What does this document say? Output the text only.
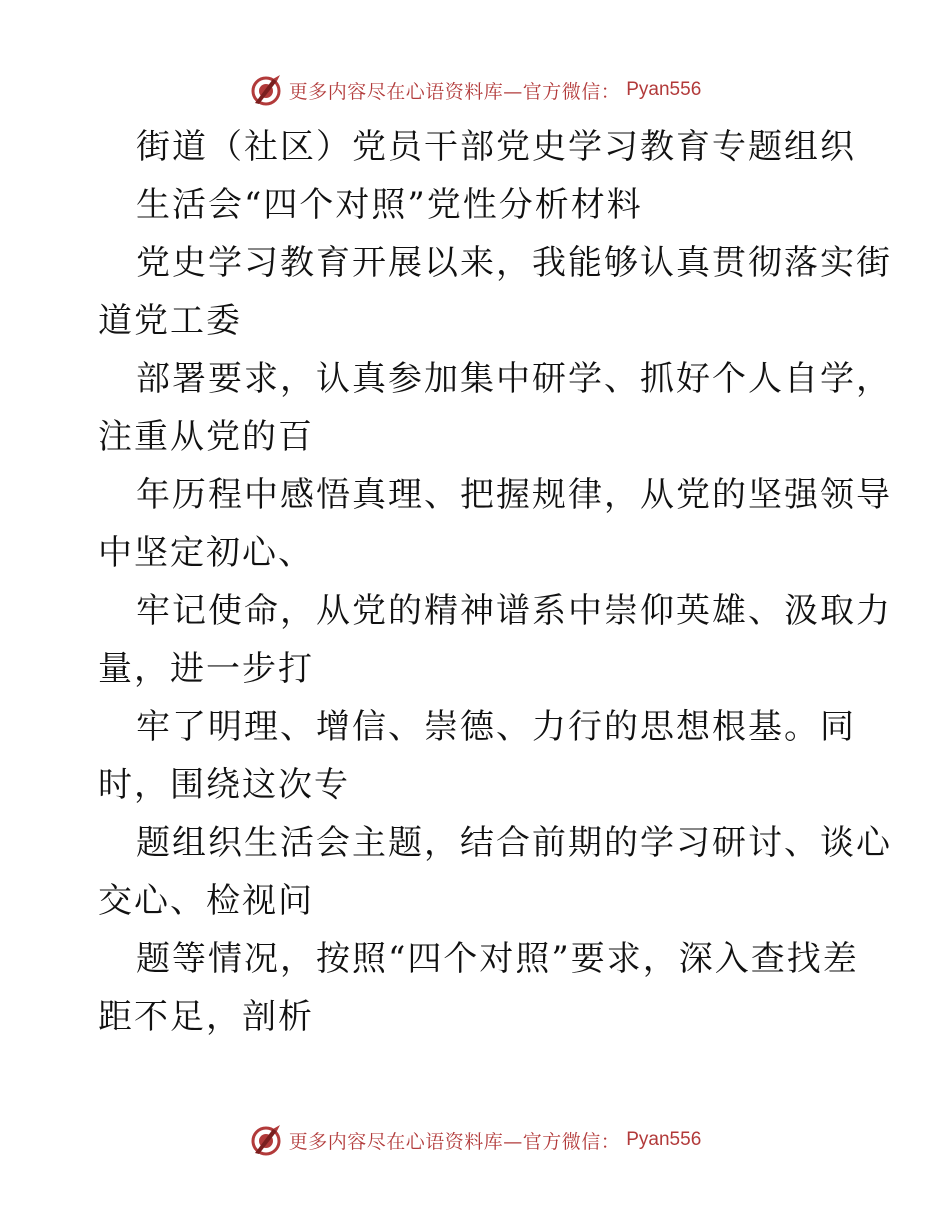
更多内容尽在心语资料库—官方微信： Pyan556
街道（社区）党员干部党史学习教育专题组织
生活会“四个对照”党性分析材料
党史学习教育开展以来，我能够认真贯彻落实街
道党工委
部署要求，认真参加集中研学、抓好个人自学，
注重从党的百
年历程中感悟真理、把握规律，从党的坚强领导
中坚定初心、
牢记使命，从党的精神谱系中崇仰英雄、汲取力
量，进一步打
牢了明理、增信、崇德、力行的思想根基。同
时，围绕这次专
题组织生活会主题，结合前期的学习研讨、谈心
交心、检视问
题等情况，按照“四个对照”要求，深入查找差
距不足，剖析
更多内容尽在心语资料库—官方微信： Pyan556
